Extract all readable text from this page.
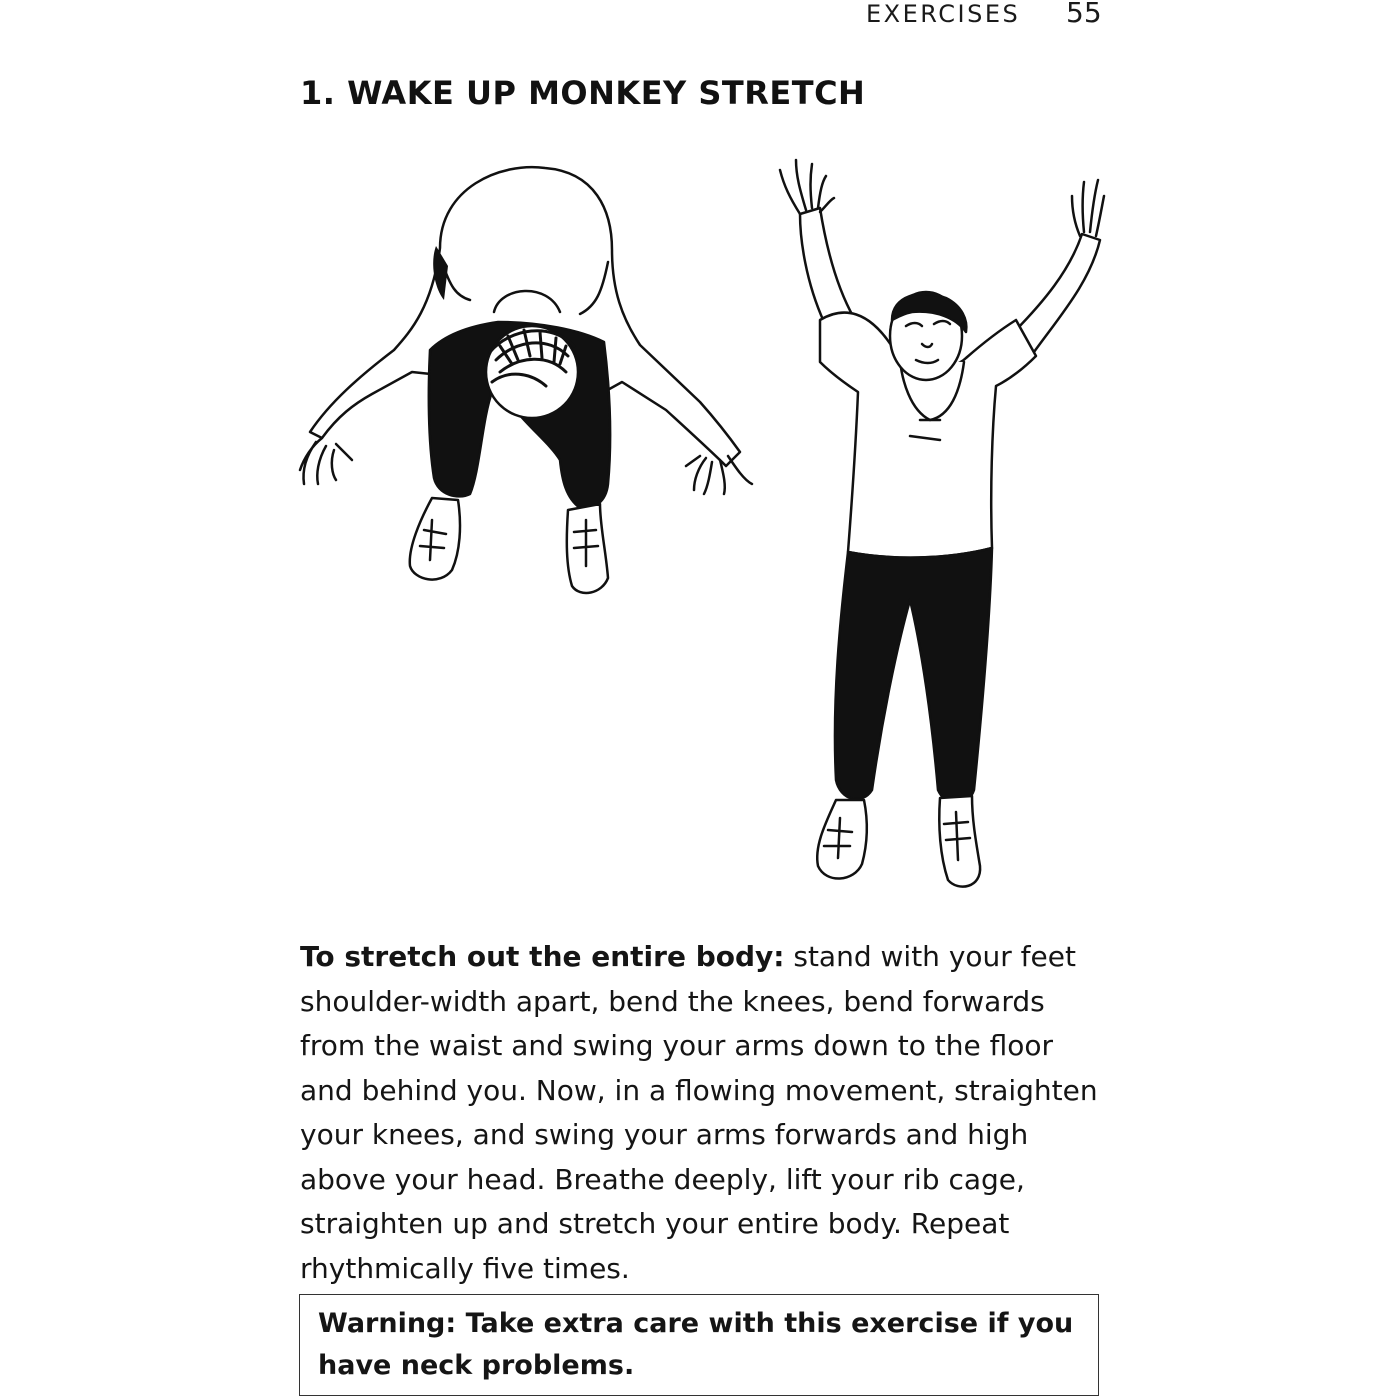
EXERCISES 55
1. WAKE UP MONKEY STRETCH

To stretch out the entire body: stand with your feet shoulder-width apart, bend the knees, bend forwards from the waist and swing your arms down to the floor and behind you. Now, in a flowing movement, straighten your knees, and swing your arms forwards and high above your head. Breathe deeply, lift your rib cage, straighten up and stretch your entire body. Repeat rhythmically five times.

Warning: Take extra care with this exercise if you have neck problems.
